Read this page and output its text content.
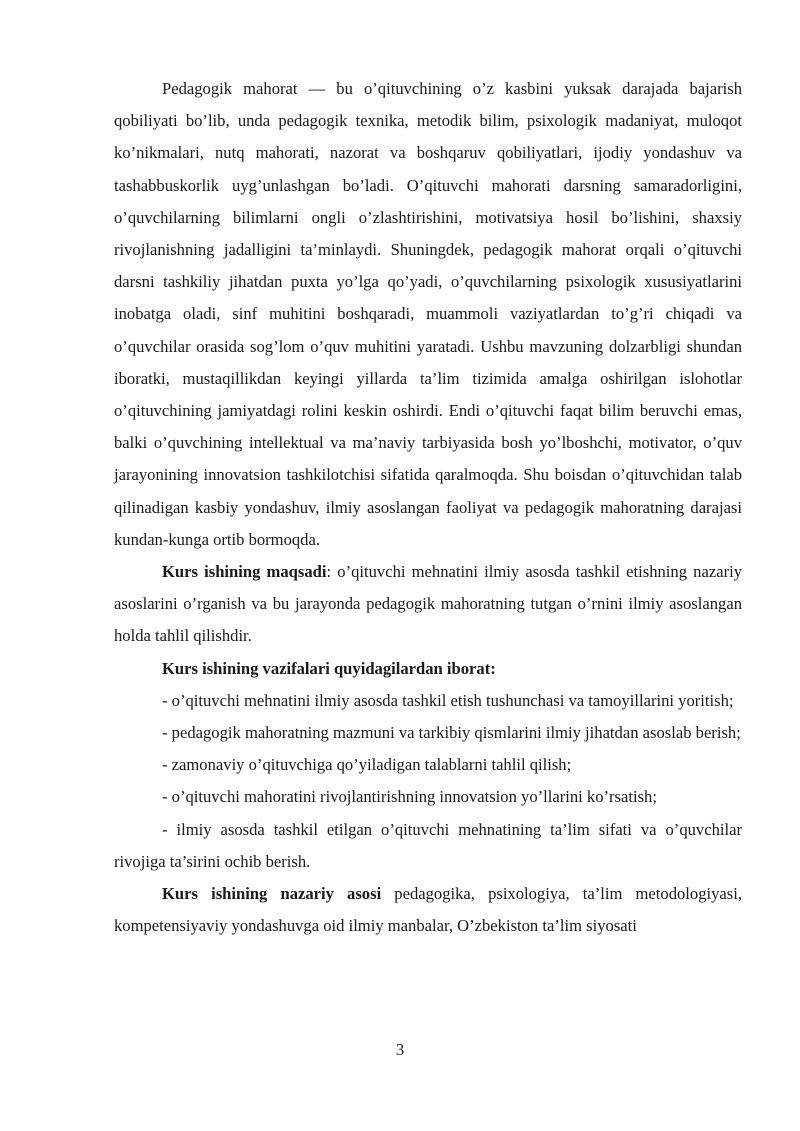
Pedagogik mahorat — bu o’qituvchining o’z kasbini yuksak darajada bajarish qobiliyati bo’lib, unda pedagogik texnika, metodik bilim, psixologik madaniyat, muloqot ko’nikmalari, nutq mahorati, nazorat va boshqaruv qobiliyatlari, ijodiy yondashuv va tashabbuskorlik uyg’unlashgan bo’ladi. O’qituvchi mahorati darsning samaradorligini, o’quvchilarning bilimlarni ongli o’zlashtirishini, motivatsiya hosil bo’lishini, shaxsiy rivojlanishning jadalligini ta’minlaydi. Shuningdek, pedagogik mahorat orqali o’qituvchi darsni tashkiliy jihatdan puxta yo’lga qo’yadi, o’quvchilarning psixologik xususiyatlarini inobatga oladi, sinf muhitini boshqaradi, muammoli vaziyatlardan to’g’ri chiqadi va o’quvchilar orasida sog’lom o’quv muhitini yaratadi. Ushbu mavzuning dolzarbligi shundan iboratki, mustaqillikdan keyingi yillarda ta’lim tizimida amalga oshirilgan islohotlar o’qituvchining jamiyatdagi rolini keskin oshirdi. Endi o’qituvchi faqat bilim beruvchi emas, balki o’quvchining intellektual va ma’naviy tarbiyasida bosh yo’lboshchi, motivator, o’quv jarayonining innovatsion tashkilotchisi sifatida qaralmoqda. Shu boisdan o’qituvchidan talab qilinadigan kasbiy yondashuv, ilmiy asoslangan faoliyat va pedagogik mahoratning darajasi kundan-kunga ortib bormoqda.

Kurs ishining maqsadi: o’qituvchi mehnatini ilmiy asosda tashkil etishning nazariy asoslarini o’rganish va bu jarayonda pedagogik mahoratning tutgan o’rnini ilmiy asoslangan holda tahlil qilishdir.

Kurs ishining vazifalari quyidagilardan iborat:

- o’qituvchi mehnatini ilmiy asosda tashkil etish tushunchasi va tamoyillarini yoritish;

- pedagogik mahoratning mazmuni va tarkibiy qismlarini ilmiy jihatdan asoslab berish;

- zamonaviy o’qituvchiga qo’yiladigan talablarni tahlil qilish;

- o’qituvchi mahoratini rivojlantirishning innovatsion yo’llarini ko’rsatish;

- ilmiy asosda tashkil etilgan o’qituvchi mehnatining ta’lim sifati va o’quvchilar rivojiga ta’sirini ochib berish.

Kurs ishining nazariy asosi pedagogika, psixologiya, ta’lim metodologiyasi, kompetensiyaviy yondashuvga oid ilmiy manbalar, O’zbekiston ta’lim siyosati

3
